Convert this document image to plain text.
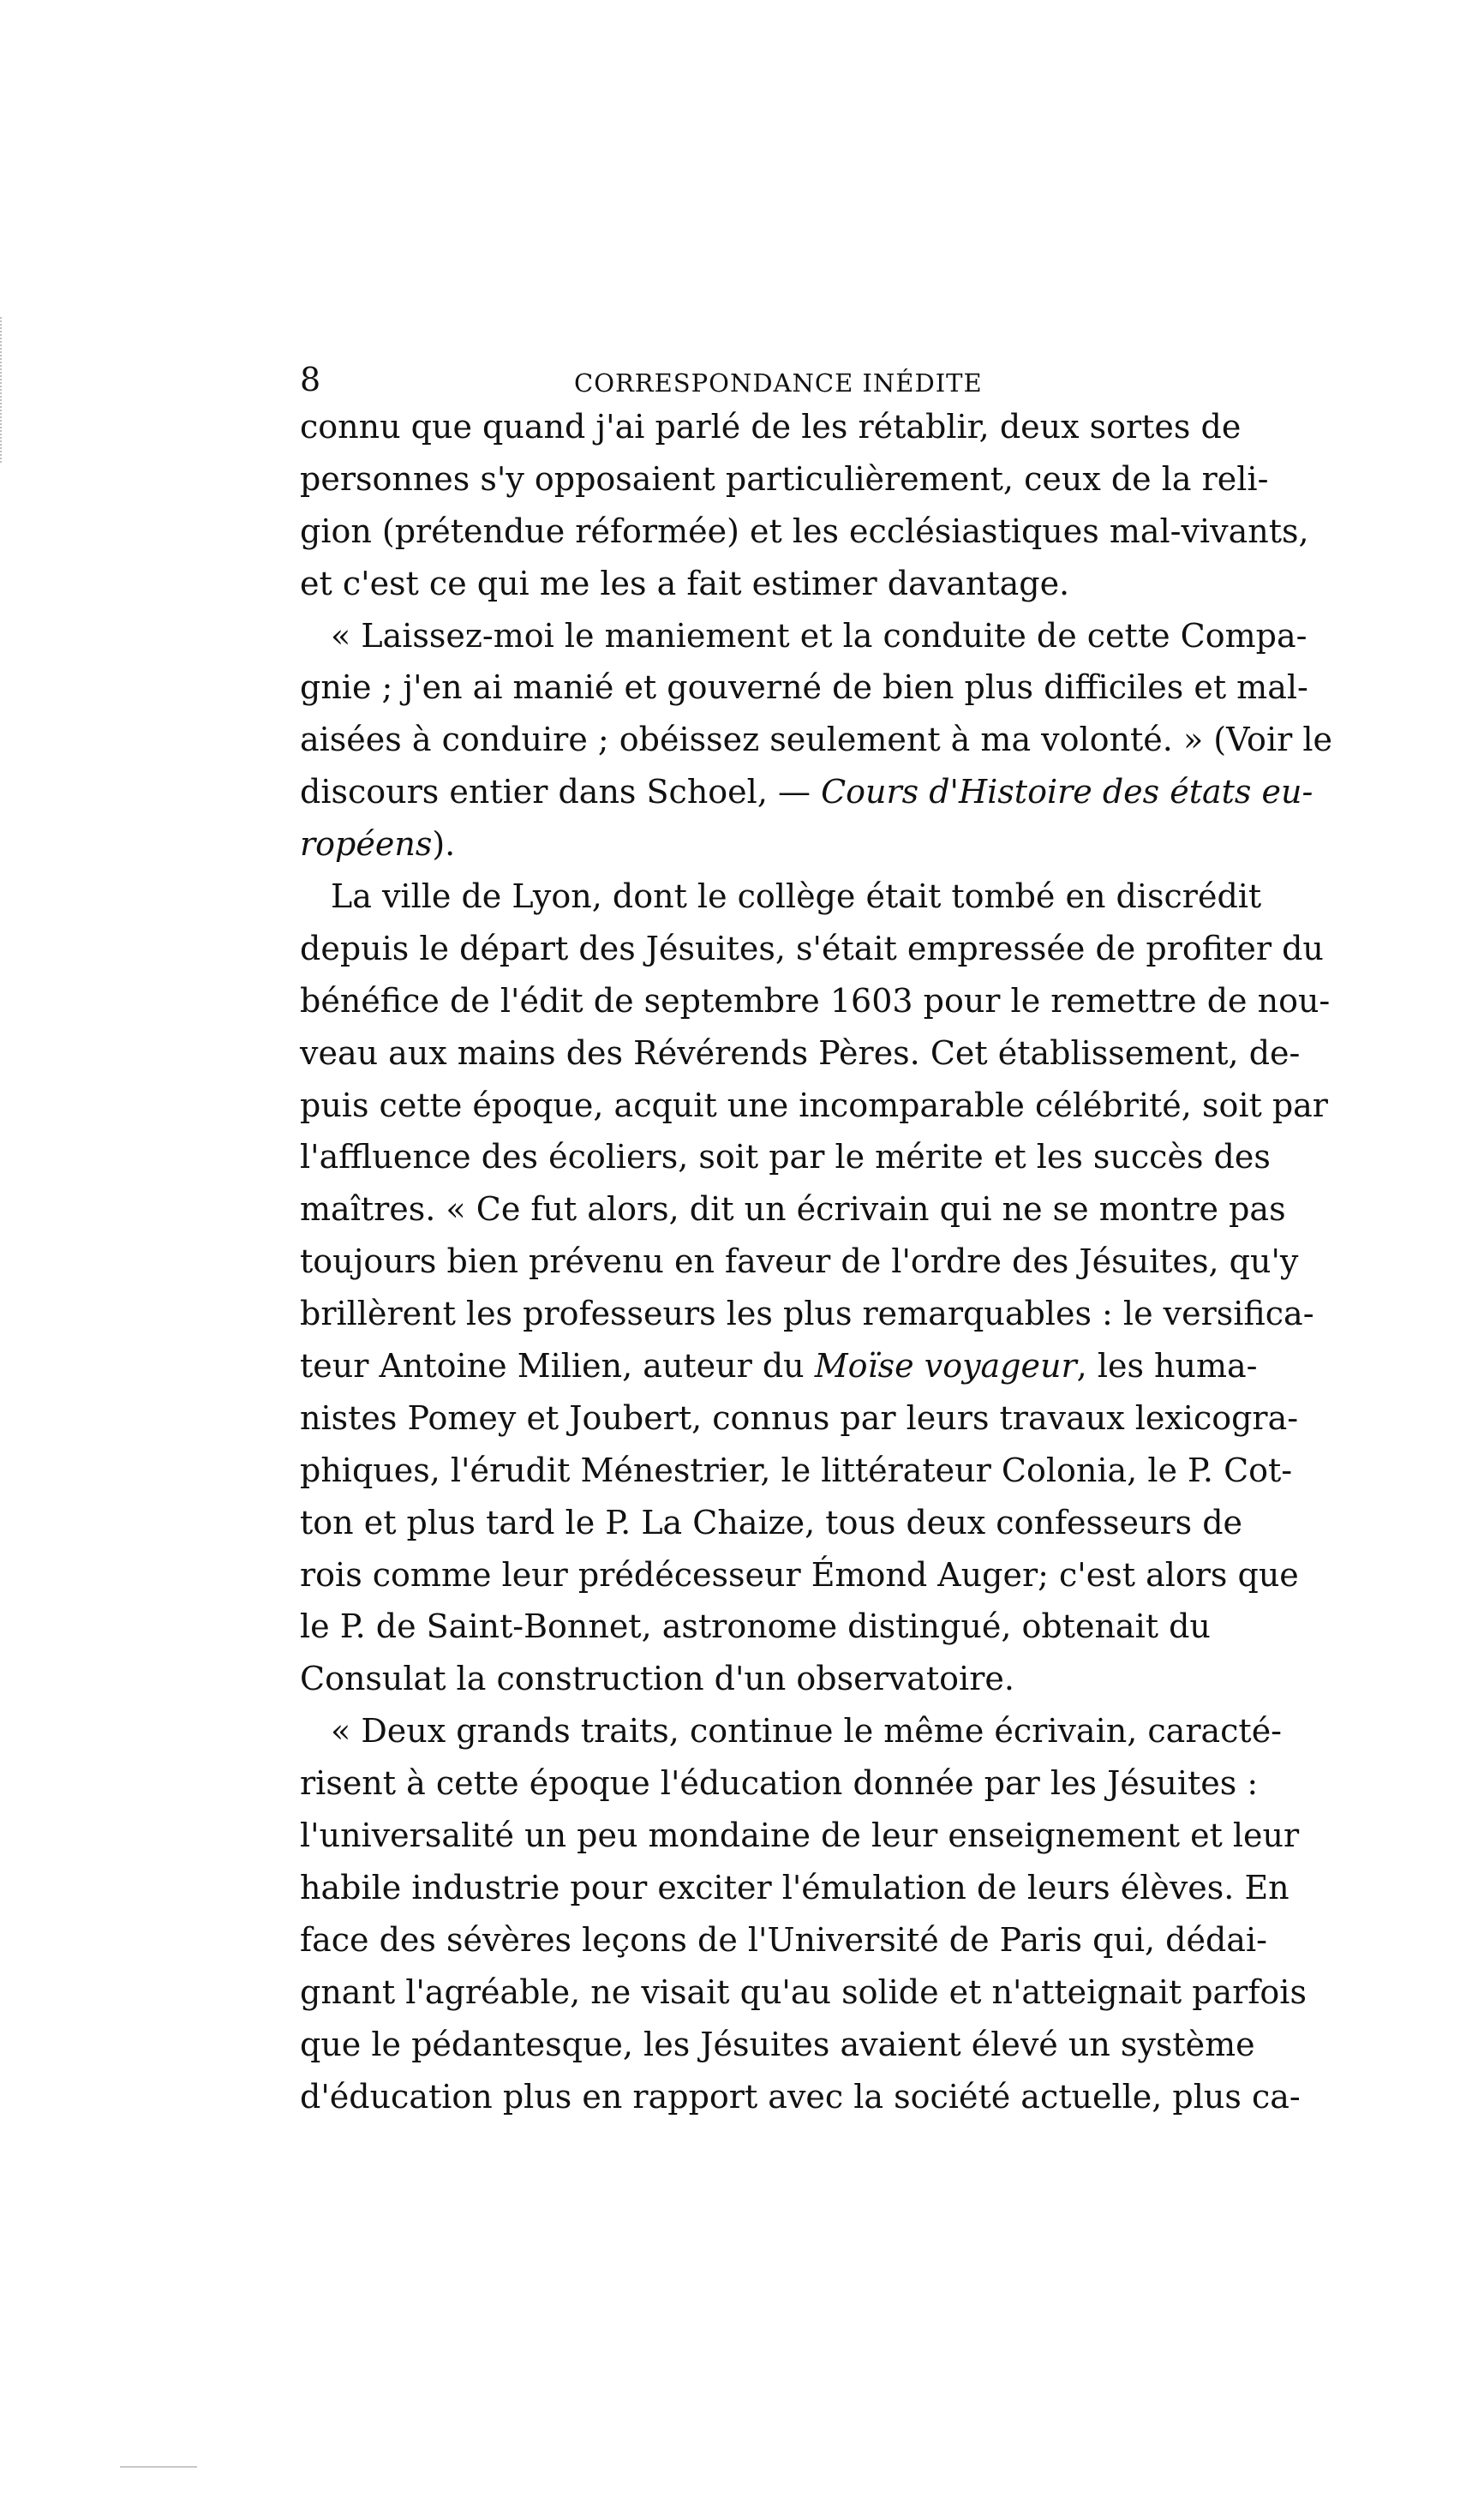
8	CORRESPONDANCE INÉDITE
connu que quand j'ai parlé de les rétablir, deux sortes de
personnes s'y opposaient particulièrement, ceux de la reli-
gion (prétendue réformée) et les ecclésiastiques mal-vivants,
et c'est ce qui me les a fait estimer davantage.
« Laissez-moi le maniement et la conduite de cette Compa-
gnie ; j'en ai manié et gouverné de bien plus difficiles et mal-
aisées à conduire ; obéissez seulement à ma volonté. » (Voir le
discours entier dans Schoel, — Cours d'Histoire des états eu-
ropéens).
La ville de Lyon, dont le collège était tombé en discrédit
depuis le départ des Jésuites, s'était empressée de profiter du
bénéfice de l'édit de septembre 1603 pour le remettre de nou-
veau aux mains des Révérends Pères. Cet établissement, de-
puis cette époque, acquit une incomparable célébrité, soit par
l'affluence des écoliers, soit par le mérite et les succès des
maîtres. « Ce fut alors, dit un écrivain qui ne se montre pas
toujours bien prévenu en faveur de l'ordre des Jésuites, qu'y
brillèrent les professeurs les plus remarquables : le versifica-
teur Antoine Milien, auteur du Moïse voyageur, les huma-
nistes Pomey et Joubert, connus par leurs travaux lexicogra-
phiques, l'érudit Ménestrier, le littérateur Colonia, le P. Cot-
ton et plus tard le P. La Chaize, tous deux confesseurs de
rois comme leur prédécesseur Émond Auger; c'est alors que
le P. de Saint-Bonnet, astronome distingué, obtenait du
Consulat la construction d'un observatoire.
« Deux grands traits, continue le même écrivain, caracté-
risent à cette époque l'éducation donnée par les Jésuites :
l'universalité un peu mondaine de leur enseignement et leur
habile industrie pour exciter l'émulation de leurs élèves. En
face des sévères leçons de l'Université de Paris qui, dédai-
gnant l'agréable, ne visait qu'au solide et n'atteignait parfois
que le pédantesque, les Jésuites avaient élevé un système
d'éducation plus en rapport avec la société actuelle, plus ca-
